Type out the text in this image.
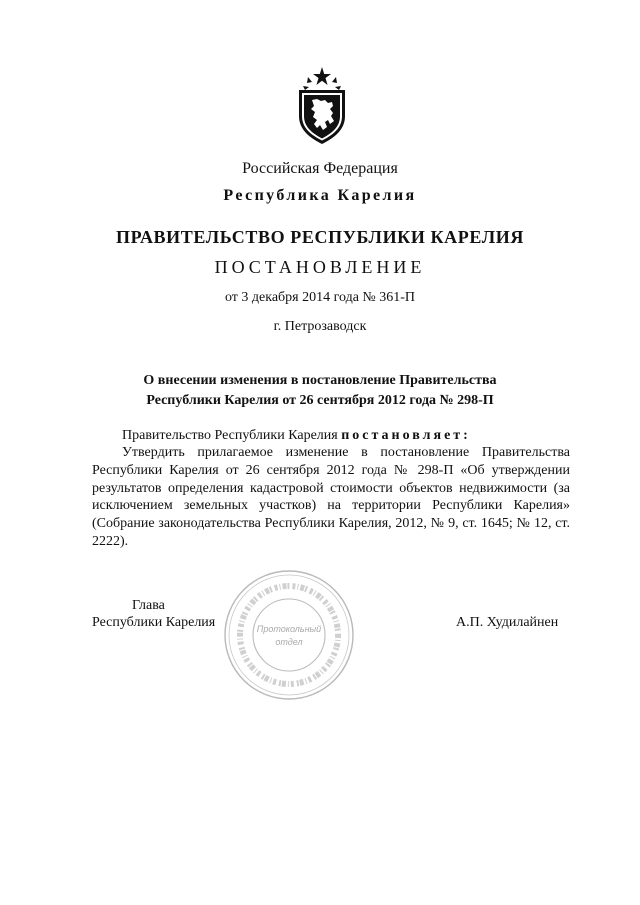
Российская Федерация
Республика Карелия
ПРАВИТЕЛЬСТВО РЕСПУБЛИКИ КАРЕЛИЯ
ПОСТАНОВЛЕНИЕ
от 3 декабря 2014 года № 361-П
г. Петрозаводск
О внесении изменения в постановление Правительства
Республики Карелия от 26 сентября 2012 года № 298-П
Правительство Республики Карелия постановляет:
Утвердить прилагаемое изменение в постановление Правительства Республики Карелия от 26 сентября 2012 года № 298-П «Об утверждении результатов определения кадастровой стоимости объектов недвижимости (за исключением земельных участков) на территории Республики Карелия» (Собрание законодательства Республики Карелия, 2012, № 9, ст. 1645; № 12, ст. 2222).
Глава
Республики Карелия	А.П. Худилайнен
Протокольный
отдел
